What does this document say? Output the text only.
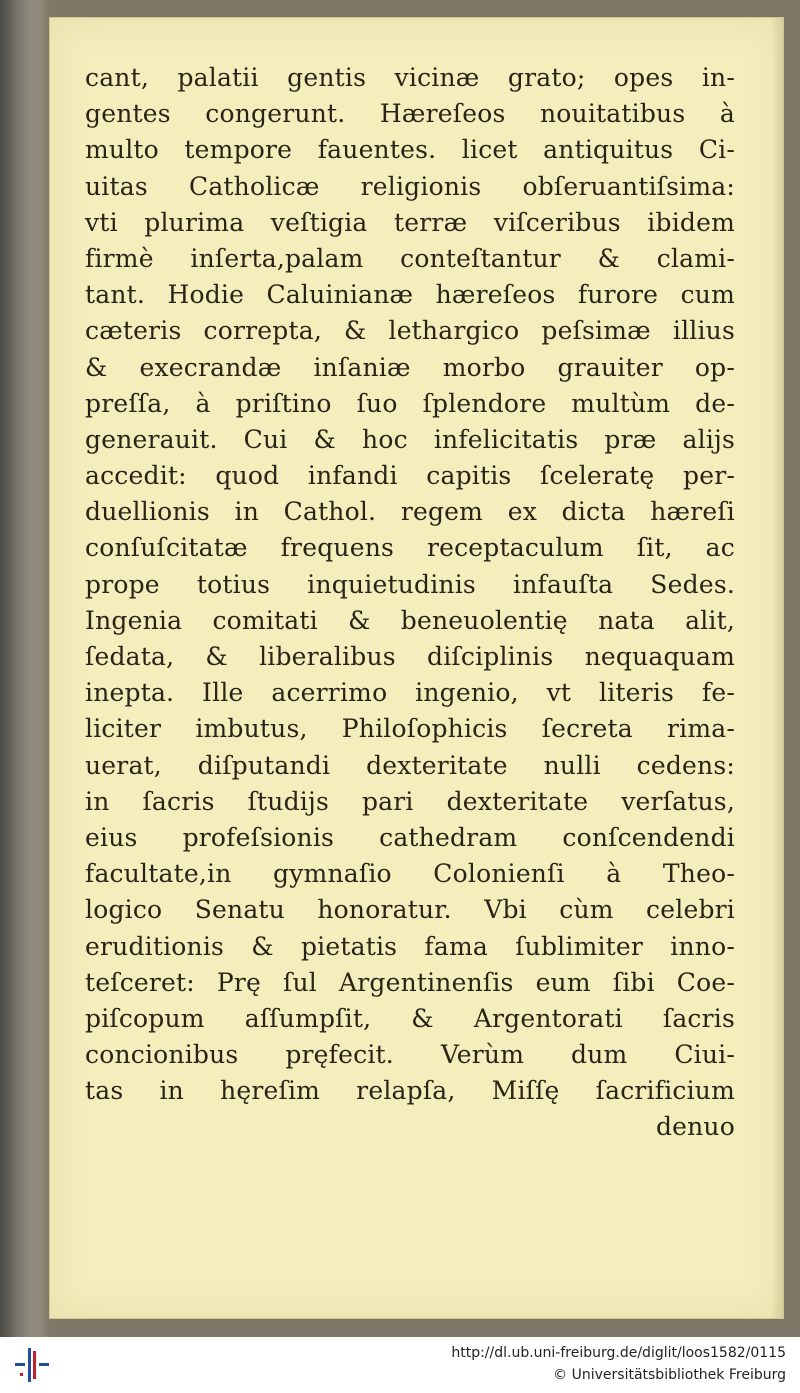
cant, palatii gentis vicinæ grato; opes in-
gentes congerunt. Hæreſeos nouitatibus à
multo tempore fauentes. licet antiquitus Ci-
uitas Catholicæ religionis obſeruantiſsima:
vti plurima veſtigia terræ viſceribus ibidem
firmè inſerta,palam conteſtantur & clami-
tant. Hodie Caluinianæ hæreſeos furore cum
cæteris correpta, & lethargico peſsimæ illius
& execrandæ inſaniæ morbo grauiter op-
preſſa, à priſtino ſuo ſplendore multùm de-
generauit. Cui & hoc infelicitatis præ alijs
accedit: quod infandi capitis ſceleratę per-
duellionis in Cathol. regem ex dicta hæreſi
conſuſcitatæ frequens receptaculum ſit, ac
prope totius inquietudinis infauſta Sedes.
Ingenia comitati & beneuolentię nata alit,
ſedata, & liberalibus diſciplinis nequaquam
inepta. Ille acerrimo ingenio, vt literis fe-
liciter imbutus, Philoſophicis ſecreta rima-
uerat, diſputandi dexteritate nulli cedens:
in ſacris ſtudijs pari dexteritate verſatus,
eius profeſsionis cathedram conſcendendi
facultate,in gymnaſio Colonienſi à Theo-
logico Senatu honoratur. Vbi cùm celebri
eruditionis & pietatis fama ſublimiter inno-
teſceret: Prę ſul Argentinenſis eum ſibi Coe-
piſcopum aſſumpſit, & Argentorati ſacris
concionibus pręfecit. Verùm dum Ciui-
tas in hęreſim relapſa, Miſſę ſacrificium
denuo
http://dl.ub.uni-freiburg.de/diglit/loos1582/0115
© Universitätsbibliothek Freiburg
